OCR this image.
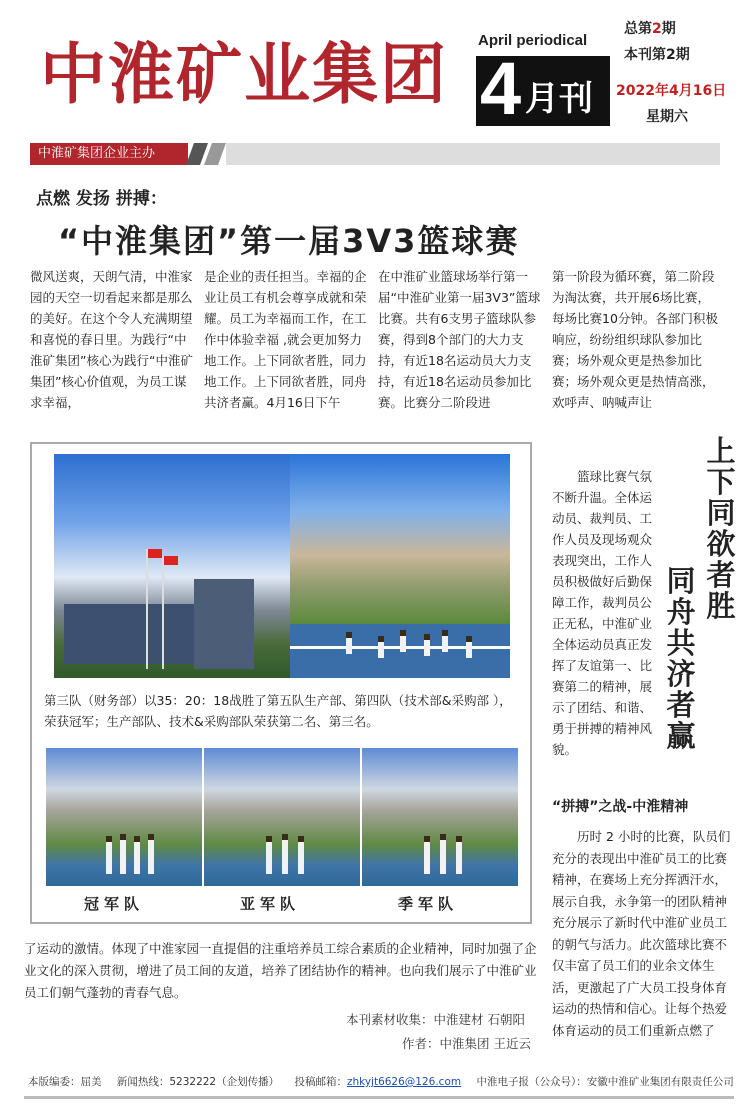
中淮矿业集团 April periodical
4 月刊
总第2期
本刊第2期
2022年4月16日
星期六
中淮矿集团企业主办
点燃 发扬 拼搏：
“中淮集团”第一届3V3篮球赛
微风送爽，天朗气清，中淮家园的天空一切看起来都是那么的美好。在这个令人充满期望和喜悦的春日里。为践行“中淮矿集团”核心为践行“中淮矿集团”核心价值观，为员工谋求幸福，
是企业的责任担当。幸福的企业让员工有机会尊享成就和荣耀。员工为幸福而工作，在工作中体验幸福 ,就会更加努力地工作。上下同欲者胜，同力地工作。上下同欲者胜，同舟共济者赢。4月16日下午
在中淮矿业篮球场举行第一届“中淮矿业第一届3V3”篮球比赛。共有6支男子篮球队参赛，得到8个部门的大力支持，有近18名运动员大力支持，有近18名运动员参加比赛。比赛分二阶段进
第一阶段为循环赛，第二阶段为淘汰赛，共开展6场比赛，每场比赛10分钟。各部门积极响应，纷纷组织球队参加比赛；场外观众更是热参加比赛；场外观众更是热情高涨，欢呼声、呐喊声让
第三队（财务部）以35：20：18战胜了第五队生产部、第四队（技术部&采购部 ），荣获冠军；生产部队、技术&采购部队荣获第二名、第三名。
冠军队	亚军队	季军队
上下同欲者胜
同舟共济者赢
篮球比赛气氛不断升温。全体运动员、裁判员、工作人员及现场观众表现突出，工作人员积极做好后勤保障工作，裁判员公正无私，中淮矿业全体运动员真正发挥了友谊第一、比赛第二的精神，展示了团结、和谐、勇于拼搏的精神风貌。
“拼搏”之战-中淮精神
历时 2 小时的比赛，队员们充分的表现出中淮矿员工的比赛精神，在赛场上充分挥洒汗水，展示自我，永争第一的团队精神充分展示了新时代中淮矿业员工的朝气与活力。此次篮球比赛不仅丰富了员工们的业余文体生活，更激起了广大员工投身体育运动的热情和信心。让每个热爱体育运动的员工们重新点燃了
了运动的激情。体现了中淮家园一直提倡的注重培养员工综合素质的企业精神，同时加强了企业文化的深入贯彻，增进了员工间的友道，培养了团结协作的精神。也向我们展示了中淮矿业员工们朝气蓬勃的青春气息。
本刊素材收集：中淮建材 石朝阳
作者：中淮集团 王近云
本版编委：屈美 新闻热线：5232222（企划传播） 投稿邮箱：zhkyjt6626@126.com 中淮电子报（公众号）：安徽中淮矿业集团有限责任公司
